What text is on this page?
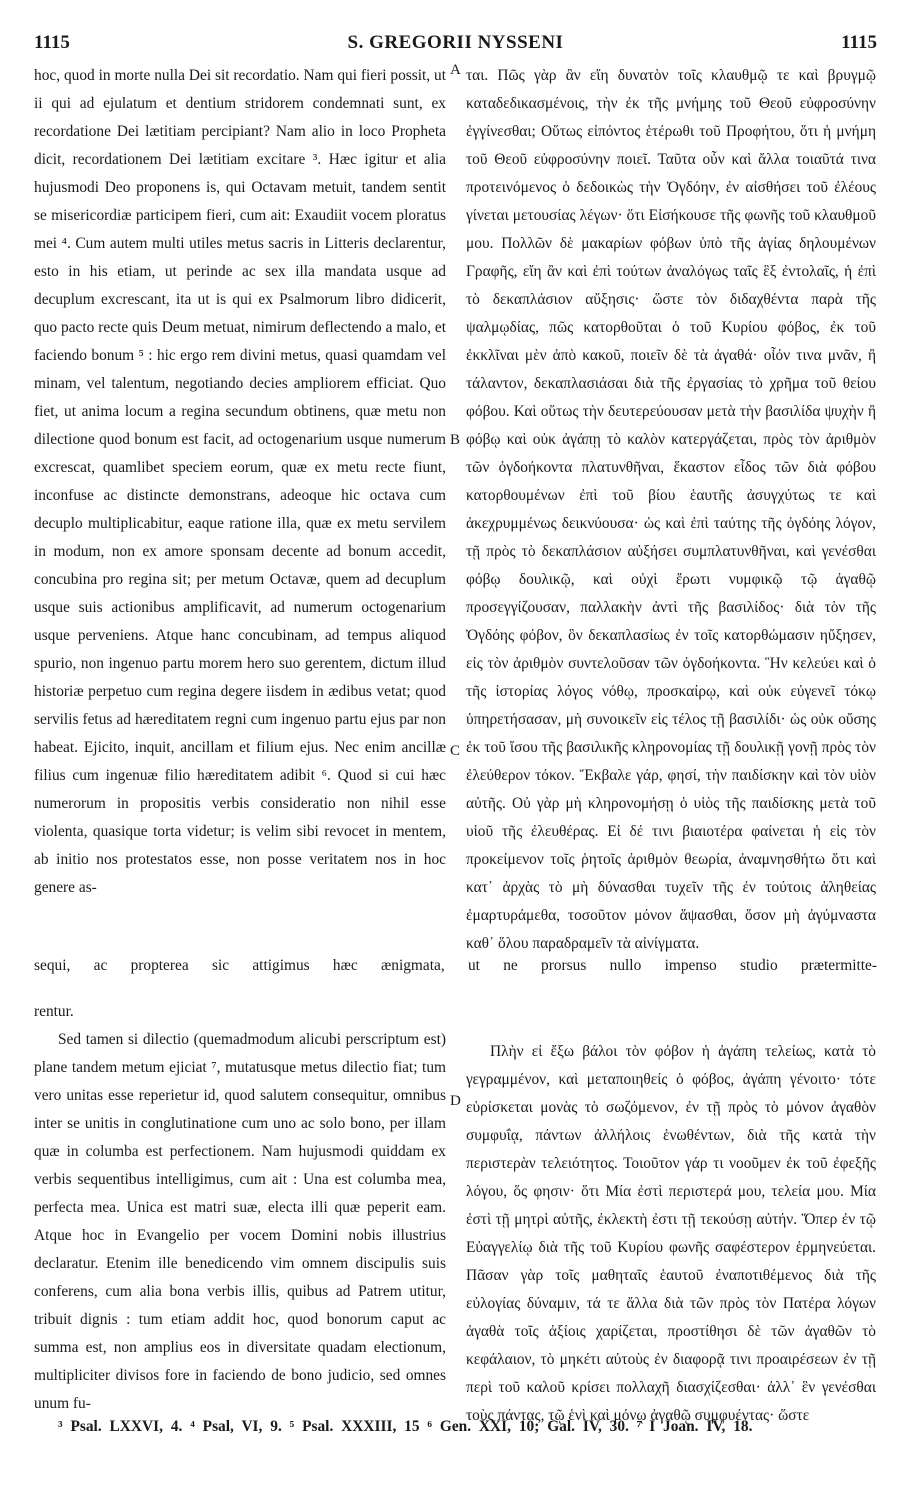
1115	S. GREGORII NYSSENI	1115
A
B
C
D

hoc, quod in morte nulla Dei sit recordatio. Nam qui fieri possit, ut ii qui ad ejulatum et dentium stridorem condemnati sunt, ex recordatione Dei lætitiam percipiant? Nam alio in loco Propheta dicit, recordationem Dei lætitiam excitare ³. Hæc igitur et alia hujusmodi Deo proponens is, qui Octavam metuit, tandem sentit se misericordiæ participem fieri, cum ait: Exaudiit vocem ploratus mei ⁴. Cum autem multi utiles metus sacris in Litteris declarentur, esto in his etiam, ut perinde ac sex illa mandata usque ad decuplum excrescant, ita ut is qui ex Psalmorum libro didicerit, quo pacto recte quis Deum metuat, nimirum deflectendo a malo, et faciendo bonum ⁵ : hic ergo rem divini metus, quasi quamdam vel minam, vel talentum, negotiando decies ampliorem efficiat. Quo fiet, ut anima locum a regina secundum obtinens, quæ metu non dilectione quod bonum est facit, ad octogenarium usque numerum excrescat, quamlibet speciem eorum, quæ ex metu recte fiunt, inconfuse ac distincte demonstrans, adeoque hic octava cum decuplo multiplicabitur, eaque ratione illa, quæ ex metu servilem in modum, non ex amore sponsam decente ad bonum accedit, concubina pro regina sit; per metum Octavæ, quem ad decuplum usque suis actionibus amplificavit, ad numerum octogenarium usque perveniens. Atque hanc concubinam, ad tempus aliquod spurio, non ingenuo partu morem hero suo gerentem, dictum illud historiæ perpetuo cum regina degere iisdem in ædibus vetat; quod servilis fetus ad hæreditatem regni cum ingenuo partu ejus par non habeat. Ejicito, inquit, ancillam et filium ejus. Nec enim ancillæ filius cum ingenuæ filio hæreditatem adibit ⁶. Quod si cui hæc numerorum in propositis verbis consideratio non nihil esse violenta, quasique torta videtur; is velim sibi revocet in mentem, ab initio nos protestatos esse, non posse veritatem nos in hoc genere as-

ται. Πῶς γὰρ ἂν εἴη δυνατὸν τοῖς κλαυθμῷ τε καὶ βρυγμῷ καταδεδικασμένοις, τὴν ἐκ τῆς μνήμης τοῦ Θεοῦ εὐφροσύνην ἐγγίνεσθαι; Οὕτως εἰπόντος ἑτέρωθι τοῦ Προφήτου, ὅτι ἡ μνήμη τοῦ Θεοῦ εὐφροσύνην ποιεῖ. Ταῦτα οὖν καὶ ἄλλα τοιαῦτά τινα προτεινόμενος ὁ δεδοικὼς τὴν Ὀγδόην, ἐν αἰσθήσει τοῦ ἐλέους γίνεται μετουσίας λέγων· ὅτι Εἰσήκουσε τῆς φωνῆς τοῦ κλαυθμοῦ μου. Πολλῶν δὲ μακαρίων φόβων ὑπὸ τῆς ἁγίας δηλουμένων Γραφῆς, εἴη ἂν καὶ ἐπὶ τούτων ἀναλόγως ταῖς ἓξ ἐντολαῖς, ἡ ἐπὶ τὸ δεκαπλάσιον αὔξησις· ὥστε τὸν διδαχθέντα παρὰ τῆς ψαλμῳδίας, πῶς κατορθοῦται ὁ τοῦ Κυρίου φόβος, ἐκ τοῦ ἐκκλῖναι μὲν ἀπὸ κακοῦ, ποιεῖν δὲ τὰ ἀγαθά· οἷόν τινα μνᾶν, ἢ τάλαντον, δεκαπλασιάσαι διὰ τῆς ἐργασίας τὸ χρῆμα τοῦ θείου φόβου. Καὶ οὕτως τὴν δευτερεύουσαν μετὰ τὴν βασιλίδα ψυχὴν ἢ φόβῳ καὶ οὐκ ἀγάπῃ τὸ καλὸν κατεργάζεται, πρὸς τὸν ἀριθμὸν τῶν ὀγδοήκοντα πλατυνθῆναι, ἕκαστον εἶδος τῶν διὰ φόβου κατορθουμένων ἐπὶ τοῦ βίου ἑαυτῆς ἀσυγχύτως τε καὶ ἀκεχρυμμένως δεικνύουσα· ὡς καὶ ἐπὶ ταύτης τῆς ὀγδόης λόγον, τῇ πρὸς τὸ δεκαπλάσιον αὐξήσει συμπλατυνθῆναι, καὶ γενέσθαι φόβῳ δουλικῷ, καὶ οὐχὶ ἔρωτι νυμφικῷ τῷ ἀγαθῷ προσεγγίζουσαν, παλλακὴν ἀντὶ τῆς βασιλίδος· διὰ τὸν τῆς Ὀγδόης φόβον, ὃν δεκαπλασίως ἐν τοῖς κατορθώμασιν ηὔξησεν, εἰς τὸν ἀριθμὸν συντελοῦσαν τῶν ὀγδοήκοντα. Ἣν κελεύει καὶ ὁ τῆς ἱστορίας λόγος νόθῳ, προσκαίρῳ, καὶ οὐκ εὐγενεῖ τόκῳ ὑπηρετήσασαν, μὴ συνοικεῖν εἰς τέλος τῇ βασιλίδι· ὡς οὐκ οὔσης ἐκ τοῦ ἴσου τῆς βασιλικῆς κληρονομίας τῇ δουλικῇ γονῇ πρὸς τὸν ἐλεύθερον τόκον. Ἔκβαλε γάρ, φησί, τὴν παιδίσκην καὶ τὸν υἱὸν αὐτῆς. Οὐ γὰρ μὴ κληρονομήσῃ ὁ υἱὸς τῆς παιδίσκης μετὰ τοῦ υἱοῦ τῆς ἐλευθέρας. Εἰ δέ τινι βιαιοτέρα φαίνεται ἡ εἰς τὸν προκείμενον τοῖς ῥητοῖς ἀριθμὸν θεωρία, ἀναμνησθήτω ὅτι καὶ κατ᾽ ἀρχὰς τὸ μὴ δύνασθαι τυχεῖν τῆς ἐν τούτοις ἀληθείας ἐμαρτυράμεθα, τοσοῦτον μόνον ἅψασθαι, ὅσον μὴ ἀγύμναστα καθ᾽ ὅλου παραδραμεῖν τὰ αἰνίγματα.

sequi, ac propterea sic attigimus hæc ænigmata, ut ne prorsus nullo impenso studio prætermitte-

rentur.

Sed tamen si dilectio (quemadmodum alicubi perscriptum est) plane tandem metum ejiciat ⁷, mutatusque metus dilectio fiat; tum vero unitas esse reperietur id, quod salutem consequitur, omnibus inter se unitis in conglutinatione cum uno ac solo bono, per illam quæ in columba est perfectionem. Nam hujusmodi quiddam ex verbis sequentibus intelligimus, cum ait : Una est columba mea, perfecta mea. Unica est matri suæ, electa illi quæ peperit eam. Atque hoc in Evangelio per vocem Domini nobis illustrius declaratur. Etenim ille benedicendo vim omnem discipulis suis conferens, cum alia bona verbis illis, quibus ad Patrem utitur, tribuit dignis : tum etiam addit hoc, quod bonorum caput ac summa est, non amplius eos in diversitate quadam electionum, multipliciter divisos fore in faciendo de bono judicio, sed omnes unum fu-

Πλὴν εἰ ἔξω βάλοι τὸν φόβον ἡ ἀγάπη τελείως, κατὰ τὸ γεγραμμένον, καὶ μεταποιηθείς ὁ φόβος, ἀγάπη γένοιτο· τότε εὑρίσκεται μονὰς τὸ σωζόμενον, ἐν τῇ πρὸς τὸ μόνον ἀγαθὸν συμφυΐᾳ, πάντων ἀλλήλοις ἑνωθέντων, διὰ τῆς κατὰ τὴν περιστερὰν τελειότητος. Τοιοῦτον γάρ τι νοοῦμεν ἐκ τοῦ ἐφεξῆς λόγου, ὅς φησιν· ὅτι Μία ἐστὶ περιστερά μου, τελεία μου. Μία ἐστὶ τῇ μητρὶ αὐτῆς, ἐκλεκτὴ ἐστι τῇ τεκούσῃ αὐτήν. Ὅπερ ἐν τῷ Εὐαγγελίῳ διὰ τῆς τοῦ Κυρίου φωνῆς σαφέστερον ἑρμηνεύεται. Πᾶσαν γὰρ τοῖς μαθηταῖς ἑαυτοῦ ἐναποτιθέμενος διὰ τῆς εὐλογίας δύναμιν, τά τε ἄλλα διὰ τῶν πρὸς τὸν Πατέρα λόγων ἀγαθὰ τοῖς ἀξίοις χαρίζεται, προστίθησι δὲ τῶν ἀγαθῶν τὸ κεφάλαιον, τὸ μηκέτι αὐτοὺς ἐν διαφορᾷ τινι προαιρέσεων ἐν τῇ περὶ τοῦ καλοῦ κρίσει πολλαχῆ διασχίζεσθαι· ἀλλ᾽ ἓν γενέσθαι τοὺς πάντας, τῷ ἑνὶ καὶ μόνῳ ἀγαθῷ συμφυέντας· ὥστε

³ Psal. LXXVI, 4. ⁴ Psal, VI, 9. ⁵ Psal. XXXIII, 15 ⁶ Gen. XXI, 10; Gal. IV, 30. ⁷ I Joan. IV, 18.
